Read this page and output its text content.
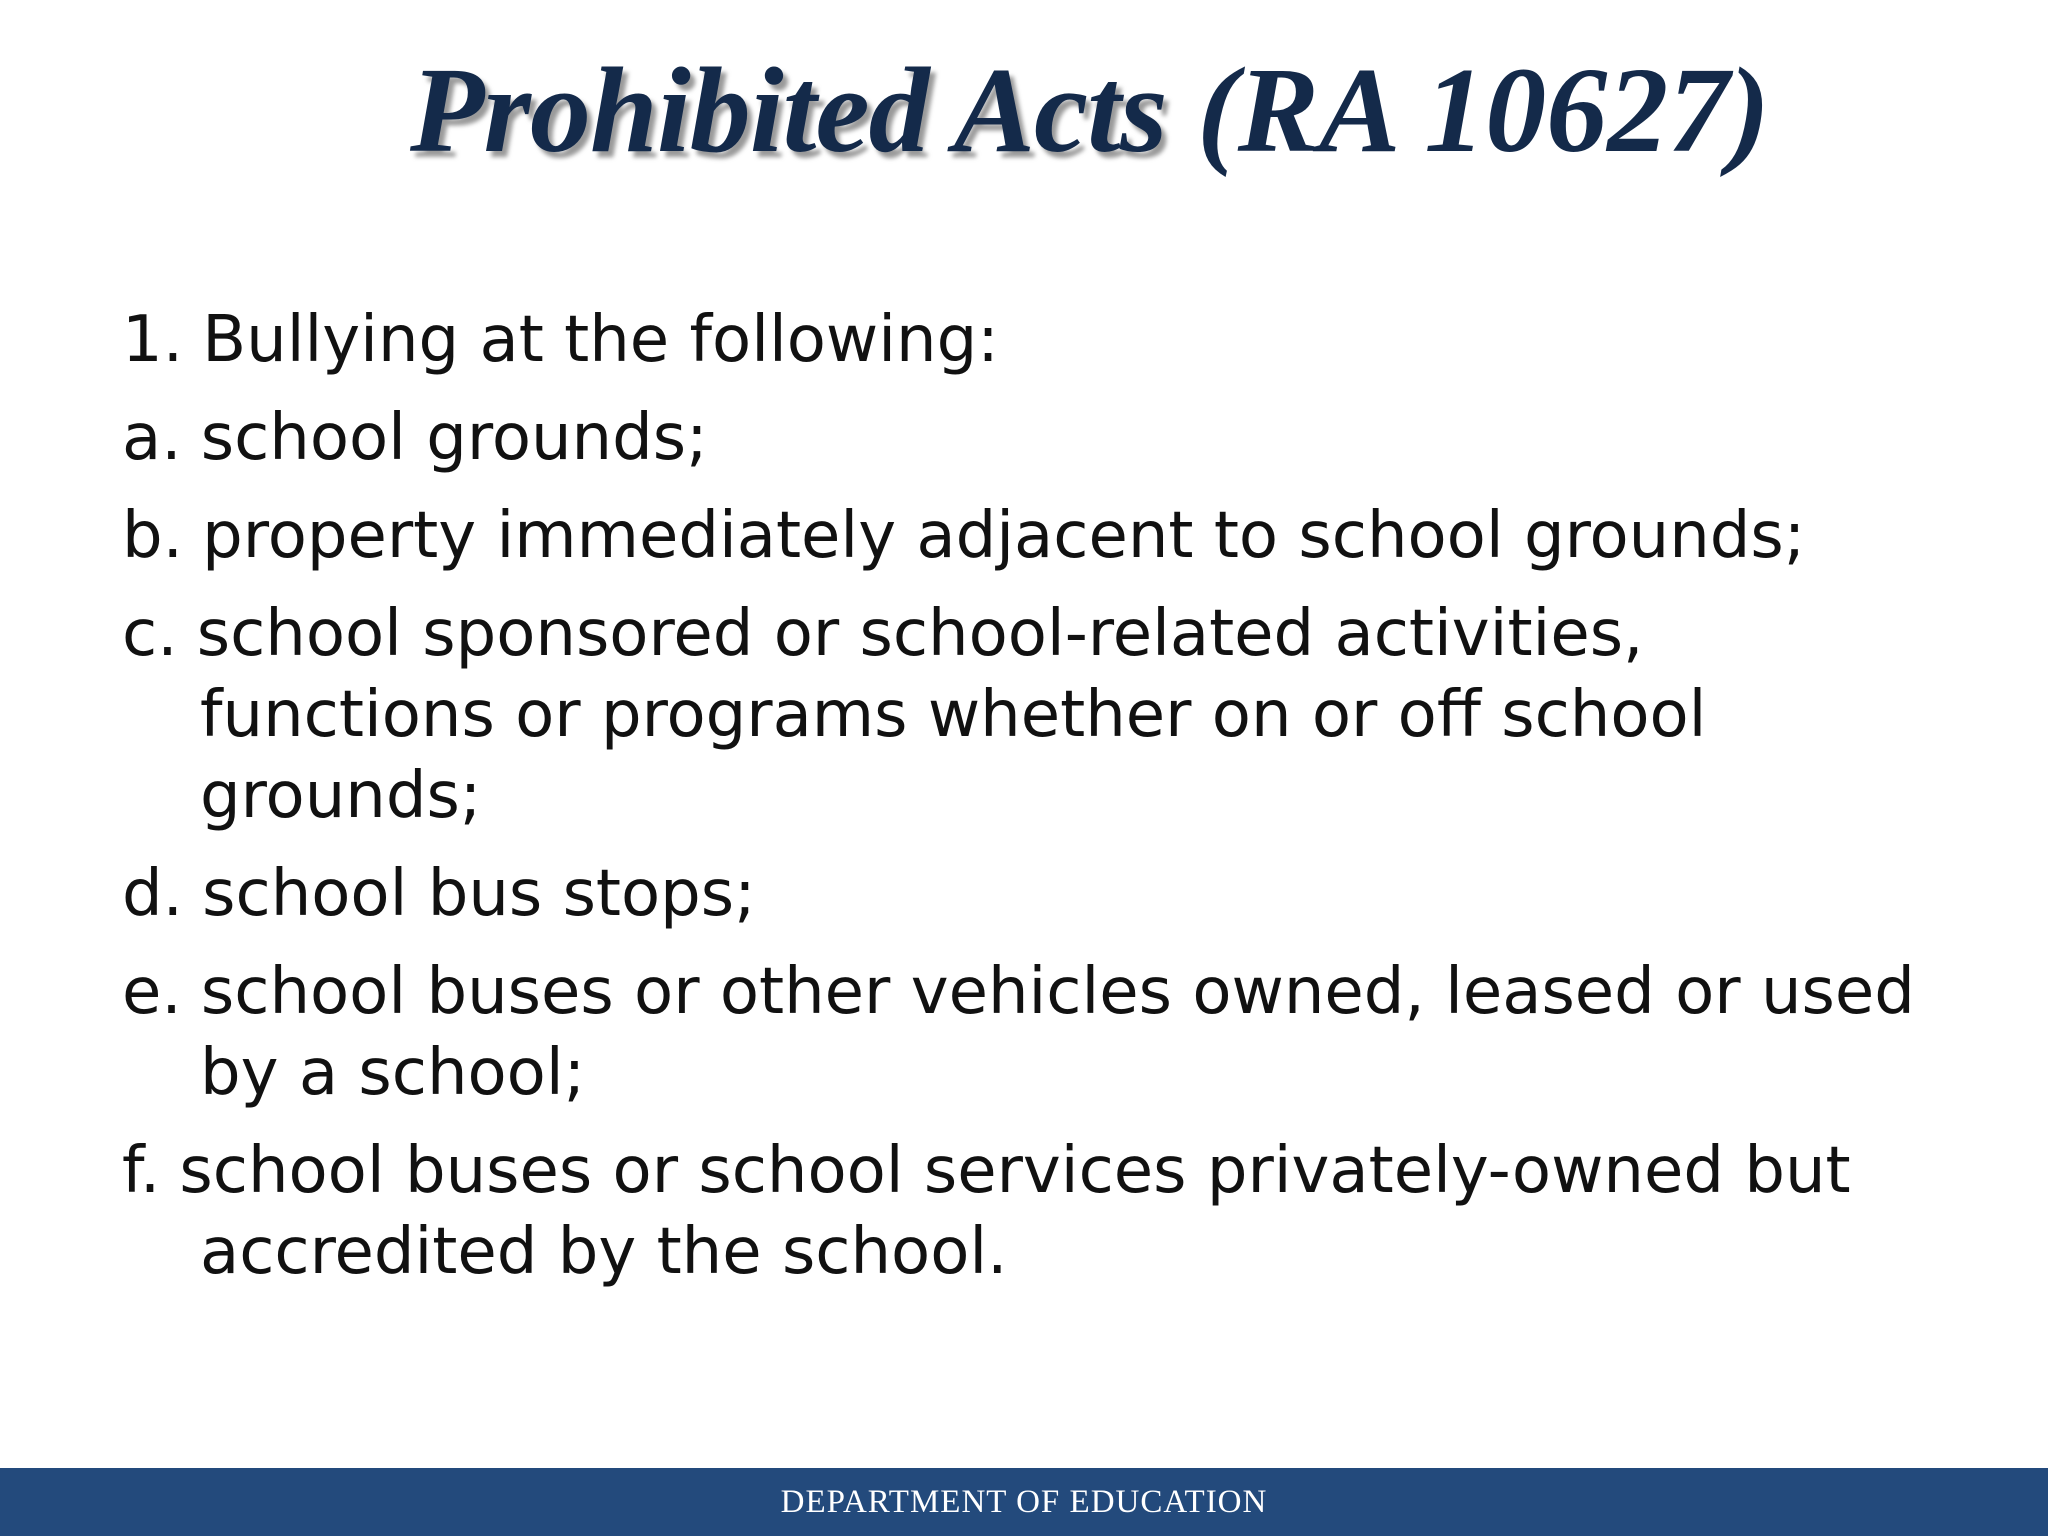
Prohibited Acts (RA 10627)
1. Bullying at the following:
a. school grounds;
b. property immediately adjacent to school grounds;
c. school sponsored or school-related activities, functions or programs whether on or off school grounds;
d. school bus stops;
e. school buses or other vehicles owned, leased or used by a school;
f. school buses or school services privately-owned but accredited by the school.
DEPARTMENT OF EDUCATION
